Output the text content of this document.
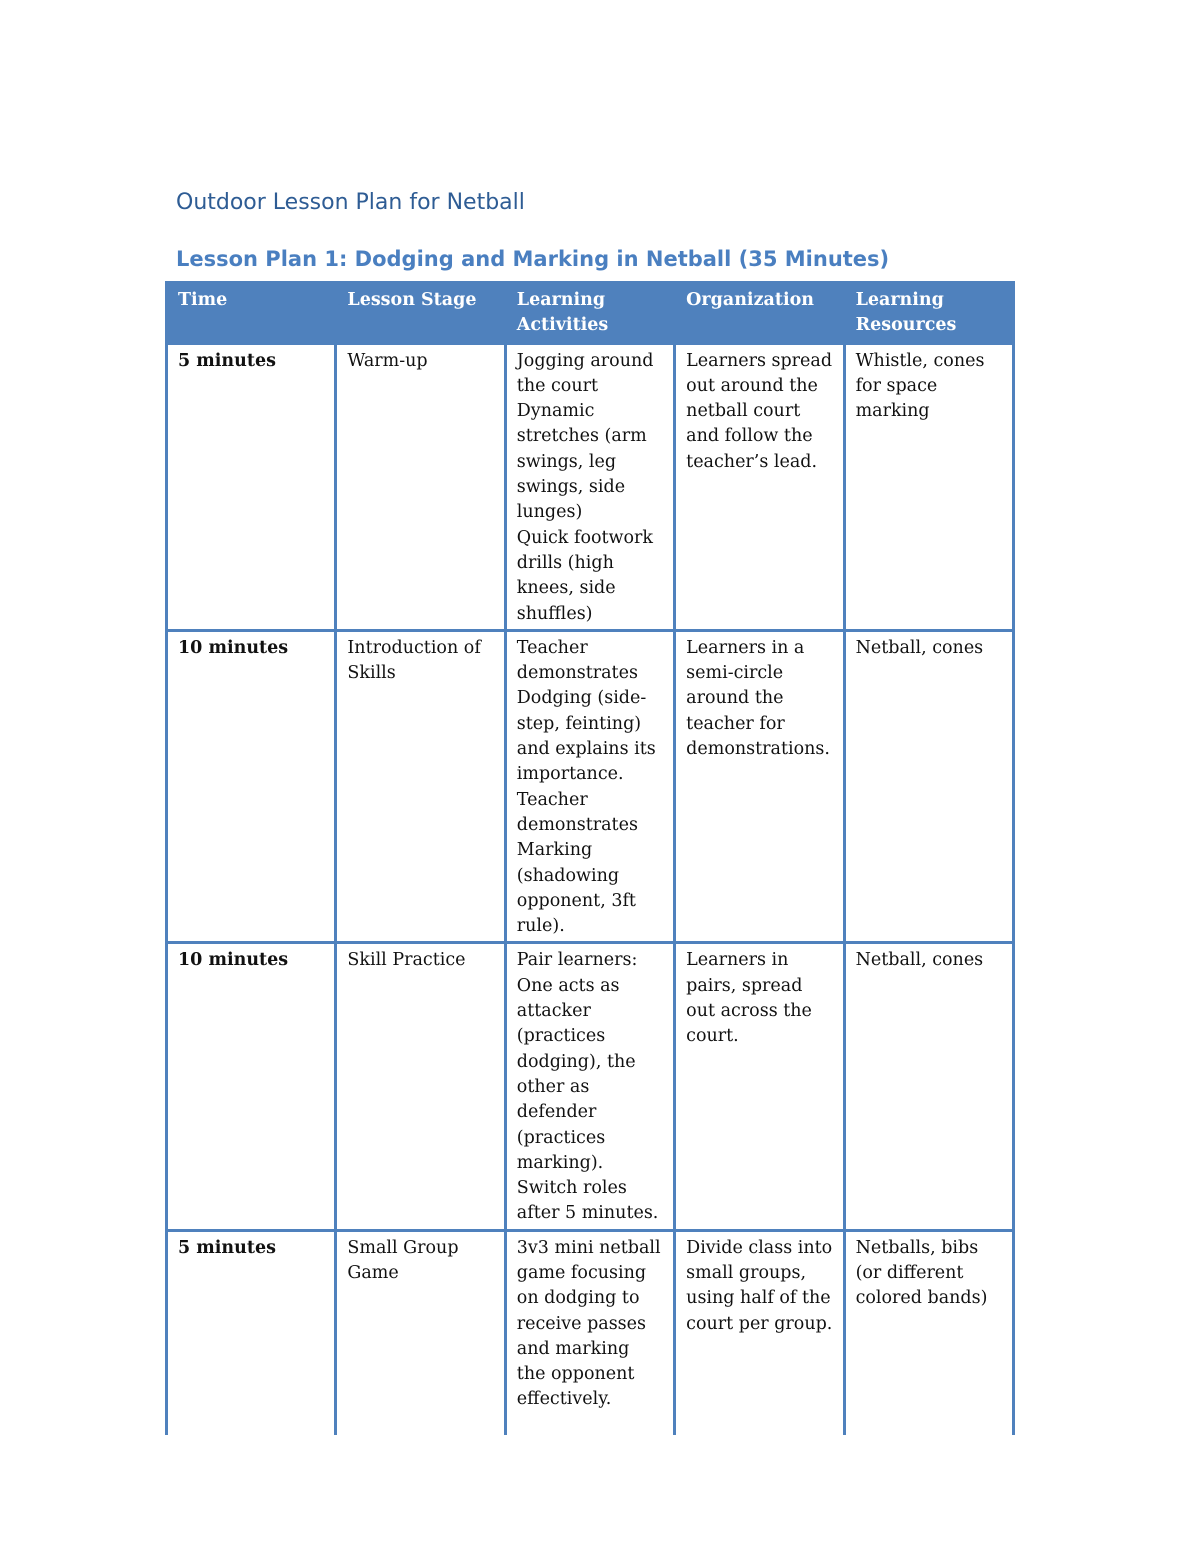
Outdoor Lesson Plan for Netball
Lesson Plan 1: Dodging and Marking in Netball (35 Minutes)
Time	Lesson Stage	Learning Activities	Organization	Learning Resources
5 minutes	Warm-up	Jogging around the court
Dynamic stretches (arm swings, leg swings, side lunges)
Quick footwork drills (high knees, side shuffles)	Learners spread out around the netball court and follow the teacher’s lead.	Whistle, cones for space marking
10 minutes	Introduction of Skills	Teacher demonstrates Dodging (side-step, feinting) and explains its importance.
Teacher demonstrates Marking (shadowing opponent, 3ft rule).	Learners in a semi-circle around the teacher for demonstrations.	Netball, cones
10 minutes	Skill Practice	Pair learners: One acts as attacker (practices dodging), the other as defender (practices marking).
Switch roles after 5 minutes.	Learners in pairs, spread out across the court.	Netball, cones
5 minutes	Small Group Game	3v3 mini netball game focusing on dodging to receive passes and marking the opponent effectively.	Divide class into small groups, using half of the court per group.	Netballs, bibs (or different colored bands)
